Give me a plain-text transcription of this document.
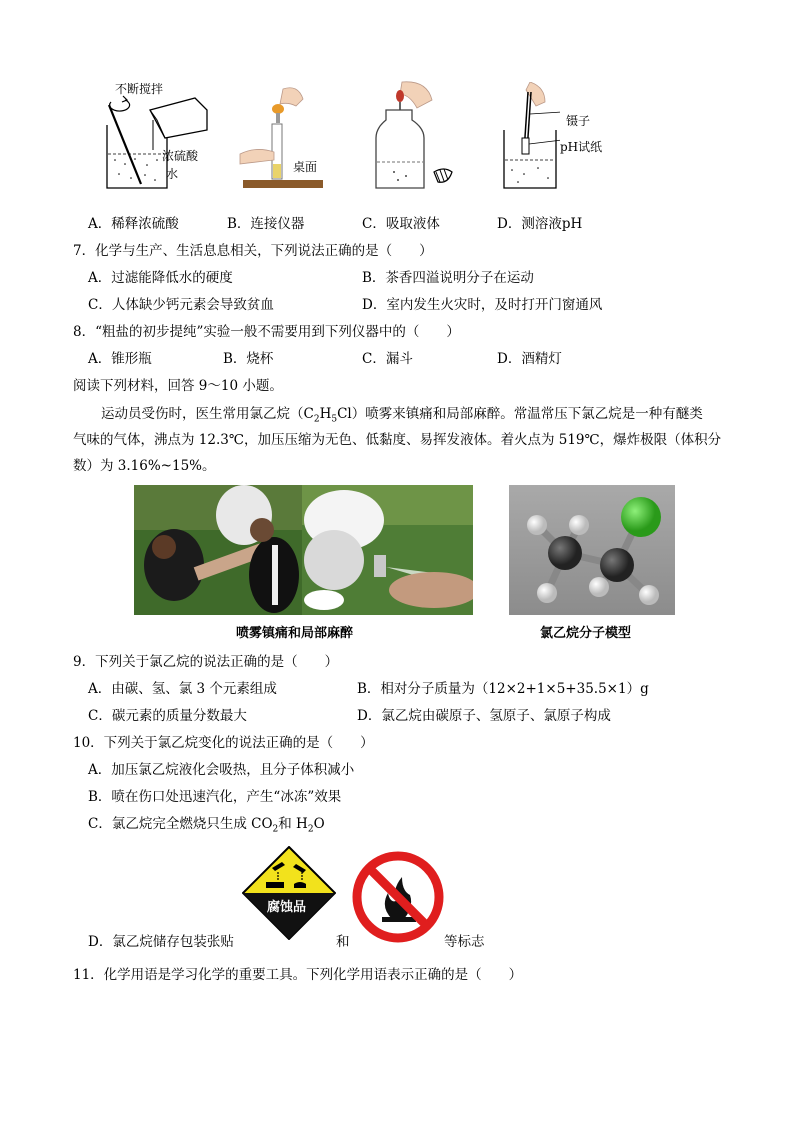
不断搅拌
浓硫酸
水	桌面
镊子
pH试纸
A．稀释浓硫酸	B．连接仪器	C．吸取液体	D．测溶液pH
7．化学与生产、生活息息相关，下列说法正确的是（　　）
A．过滤能降低水的硬度	B．茶香四溢说明分子在运动
C．人体缺少钙元素会导致贫血	D．室内发生火灾时，及时打开门窗通风
8．“粗盐的初步提纯”实验一般不需要用到下列仪器中的（　　）
A．锥形瓶	B．烧杯	C．漏斗	D．酒精灯
阅读下列材料，回答 9～10 小题。
运动员受伤时，医生常用氯乙烷$(C_2H_5Cl)$喷雾来镇痛和局部麻醉。常温常压下氯乙烷是一种有醚类
气味的气体，沸点为 12.3℃，加压压缩为无色、低黏度、易挥发液体。着火点为 519℃，爆炸极限（体积分
数）为 3.16%~15%。
喷雾镇痛和局部麻醉	氯乙烷分子模型
9．下列关于氯乙烷的说法正确的是（　　）
A．由碳、氢、氯 3 个元素组成	B．相对分子质量为（12×2+1×5+35.5×1）g
C．碳元素的质量分数最大	D．氯乙烷由碳原子、氢原子、氯原子构成
10．下列关于氯乙烷变化的说法正确的是（　　）
A．加压氯乙烷液化会吸热，且分子体积减小
B．喷在伤口处迅速汽化，产生“冰冻”效果
C．氯乙烷完全燃烧只生成 $CO_2$和 $H_2O$
腐蚀品
D．氯乙烷储存包装张贴	和	等标志
11．化学用语是学习化学的重要工具。下列化学用语表示正确的是（　　）
